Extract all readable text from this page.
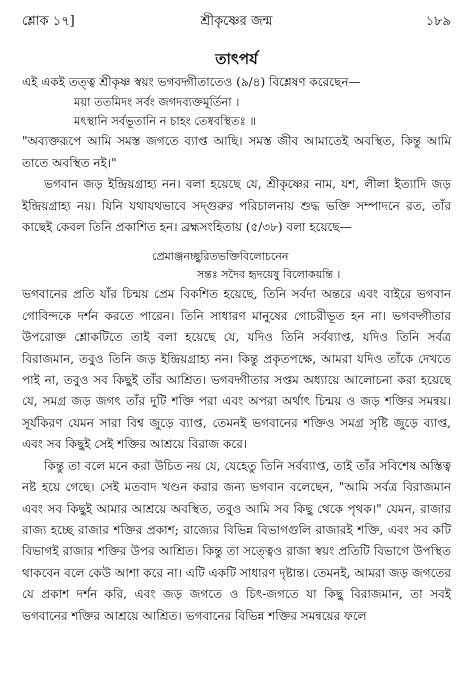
শ্লোক ১৭]	শ্রীকৃষ্ণের জন্ম	১৮৯
তাৎপর্য

এই একই তত্ত্ব শ্রীকৃষ্ণ স্বয়ং ভগবদ্গীতাতেও (৯/৪) বিশ্লেষণ করেছেন—

ময়া ততমিদং সর্বং জগদব্যক্তমূর্তিনা ।
মৎস্থানি সর্বভূতানি ন চাহং তেষ্ববস্থিতঃ ॥

"অব্যক্তরূপে আমি সমস্ত জগতে ব্যাপ্ত আছি। সমস্ত জীব আমাতেই অবস্থিত, কিন্তু আমি তাতে অবস্থিত নই।"

ভগবান জড় ইন্দ্রিয়গ্রাহ্য নন। বলা হয়েছে যে, শ্রীকৃষ্ণের নাম, যশ, লীলা ইত্যাদি জড় ইন্দ্রিয়গ্রাহ্য নয়। যিনি যথাযথভাবে সদ্গুরুর পরিচালনায় শুদ্ধ ভক্তি সম্পাদনে রত, তাঁর কাছেই কেবল তিনি প্রকাশিত হন। ব্রহ্মসংহিতায় (৫/৩৮) বলা হয়েছে—

প্রেমাঞ্জনচ্ছুরিতভক্তিবিলোচনেন
সন্তঃ সদৈব হৃদয়েষু বিলোকয়ন্তি ।

ভগবানের প্রতি যাঁর চিন্ময় প্রেম বিকশিত হয়েছে, তিনি সর্বদা অন্তরে এবং বাইরে ভগবান গোবিন্দকে দর্শন করতে পারেন। তিনি সাধারণ মানুষের গোচরীভূত হন না। ভগবদ্গীতার উপরোক্ত শ্লোকটিতে তাই বলা হয়েছে যে, যদিও তিনি সর্বব্যাপ্ত, যদিও তিনি সর্বত্র বিরাজমান, তবুও তিনি জড় ইন্দ্রিয়গ্রাহ্য নন। কিন্তু প্রকৃতপক্ষে, আমরা যদিও তাঁকে দেখতে পাই না, তবুও সব কিছুই তাঁর আশ্রিত। ভগবদ্গীতার সপ্তম অধ্যায়ে আলোচনা করা হয়েছে যে, সমগ্র জড় জগৎ তাঁর দুটি শক্তি পরা এবং অপরা অর্থাৎ চিন্ময় ও জড় শক্তির সমন্বয়। সূর্যকিরণ যেমন সারা বিশ্ব জুড়ে ব্যাপ্ত, তেমনই ভগবানের শক্তিও সমগ্র সৃষ্টি জুড়ে ব্যাপ্ত, এবং সব কিছুই সেই শক্তির আশ্রয়ে বিরাজ করে।

কিন্তু তা বলে মনে করা উচিত নয় যে, যেহেতু তিনি সর্বব্যাপ্ত, তাই তাঁর সবিশেষ অস্তিত্ব নষ্ট হয়ে গেছে। সেই মতবাদ খণ্ডন করার জন্য ভগবান বলেছেন, "আমি সর্বত্র বিরাজমান এবং সব কিছুই আমার আশ্রয়ে অবস্থিত, তবুও আমি সব কিছু থেকে পৃথক।" যেমন, রাজার রাজ্য হচ্ছে রাজার শক্তির প্রকাশ; রাজ্যের বিভিন্ন বিভাগগুলি রাজারই শক্তি, এবং সব কটি বিভাগই রাজার শক্তির উপর আশ্রিত। কিন্তু তা সত্ত্বেও রাজা স্বয়ং প্রতিটি বিভাগে উপস্থিত থাকবেন বলে কেউ আশা করে না। এটি একটি সাধারণ দৃষ্টান্ত। তেমনই, আমরা জড় জগতের যে প্রকাশ দর্শন করি, এবং জড় জগতে ও চিৎ-জগতে যা কিছু বিরাজমান, তা সবই ভগবানের শক্তির আশ্রয়ে আশ্রিত। ভগবানের বিভিন্ন শক্তির সমন্বয়ের ফলে
